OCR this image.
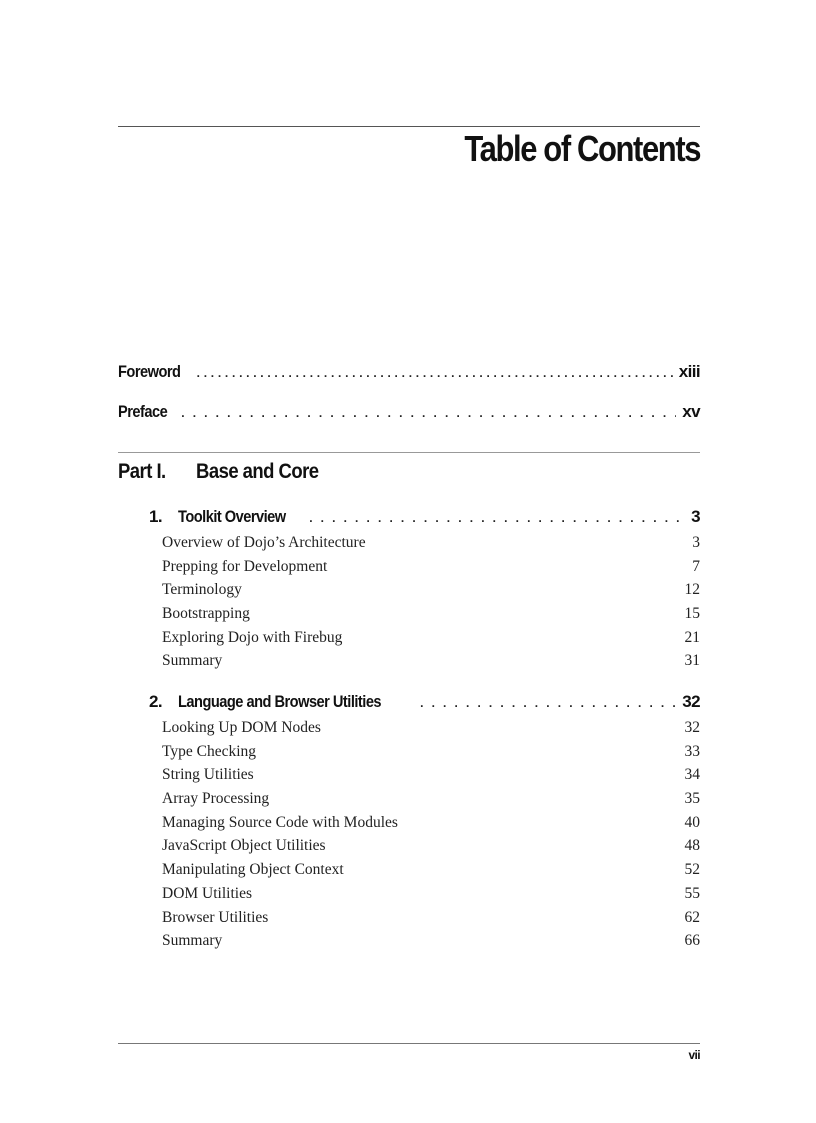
Table of Contents
Foreword . . .	xiii
Preface . . .	xv
Part I. Base and Core
1. Toolkit Overview . . .	3
Overview of Dojo’s Architecture	3
Prepping for Development	7
Terminology	12
Bootstrapping	15
Exploring Dojo with Firebug	21
Summary	31
2. Language and Browser Utilities . . .	32
Looking Up DOM Nodes	32
Type Checking	33
String Utilities	34
Array Processing	35
Managing Source Code with Modules	40
JavaScript Object Utilities	48
Manipulating Object Context	52
DOM Utilities	55
Browser Utilities	62
Summary	66
vii
